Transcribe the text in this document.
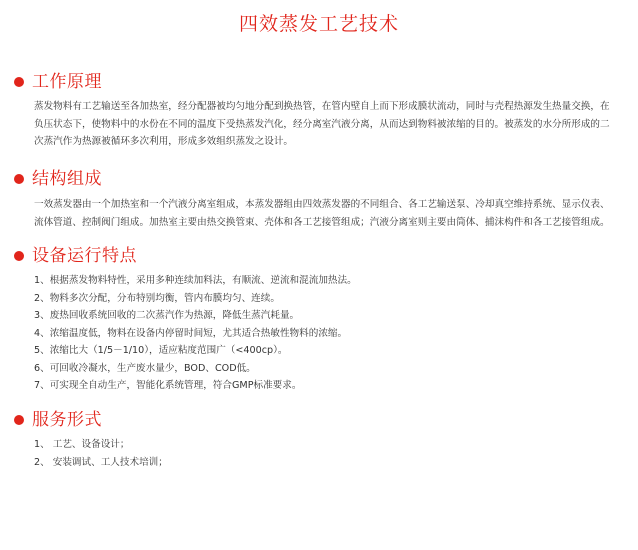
四效蒸发工艺技术
工作原理
蒸发物料有工艺输送至各加热室，经分配器被均匀地分配到换热管，在管内壁自上而下形成膜状流动，同时与壳程热源发生热量交换，在
负压状态下，使物料中的水份在不同的温度下受热蒸发汽化，经分离室汽液分离，从而达到物料被浓缩的目的。被蒸发的水分所形成的二
次蒸汽作为热源被循环多次利用，形成多效组织蒸发之设计。
结构组成
一效蒸发器由一个加热室和一个汽液分离室组成，本蒸发器组由四效蒸发器的不同组合、各工艺输送泵、冷却真空维持系统、显示仪表、
流体管道、控制阀门组成。加热室主要由热交换管束、壳体和各工艺接管组成；汽液分离室则主要由筒体、捕沫构件和各工艺接管组成。
设备运行特点
1、根据蒸发物料特性，采用多种连续加料法，有顺流、逆流和混流加热法。
2、物料多次分配，分布特别均衡，管内布膜均匀、连续。
3、废热回收系统回收的二次蒸汽作为热源，降低生蒸汽耗量。
4、浓缩温度低，物料在设备内停留时间短，尤其适合热敏性物料的浓缩。
5、浓缩比大（1/5－1/10），适应粘度范围广（<400cp）。
6、可回收冷凝水，生产废水量少，BOD、COD低。
7、可实现全自动生产，智能化系统管理，符合GMP标准要求。
服务形式
1、 工艺、设备设计；
2、 安装调试、工人技术培训；
